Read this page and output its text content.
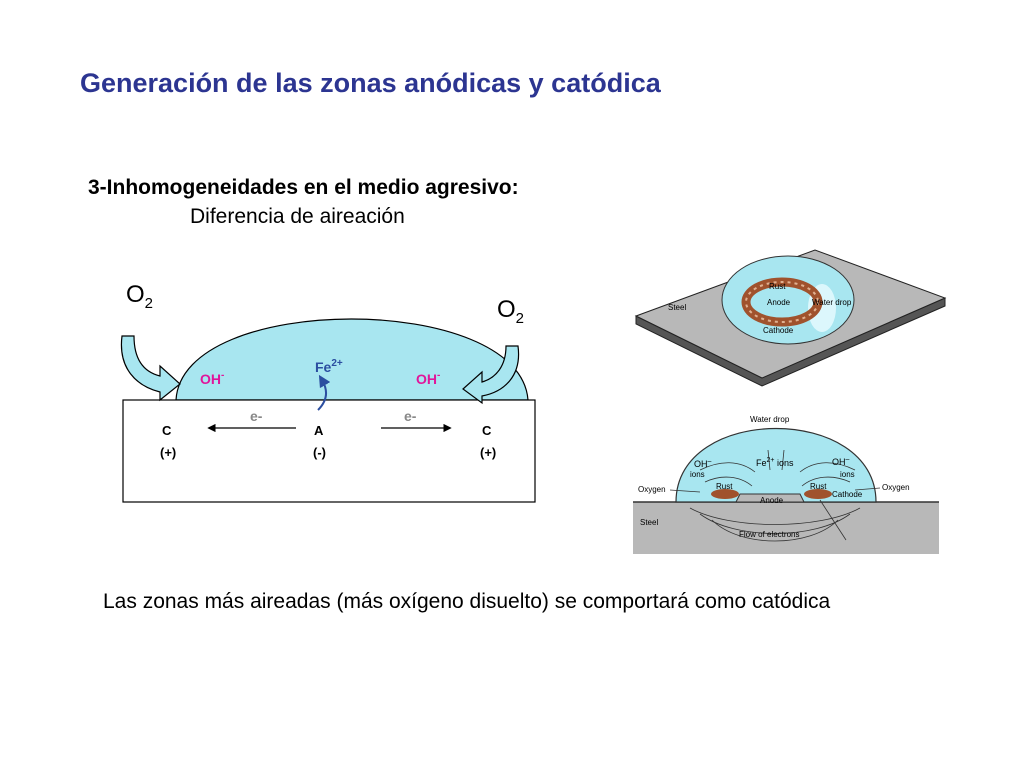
Generación de las zonas anódicas y catódica
3-Inhomogeneidades en el medio agresivo:
Diferencia de aireación
$O_2$	$O_2$
OH-	OH-
$Fe^{2+}$
e-	e-
C
(+)
A
(-)
C
(+)
Steel
Rust
Anode	Water drop
Cathode
Water drop
OH–
ions
$Fe^{2+}$ ions	OH–
ions
Oxygen	Oxygen
Rust	Rust
Anode
Cathode
Steel
Flow of electrons
Las zonas más aireadas (más oxígeno disuelto) se comportará como catódica
